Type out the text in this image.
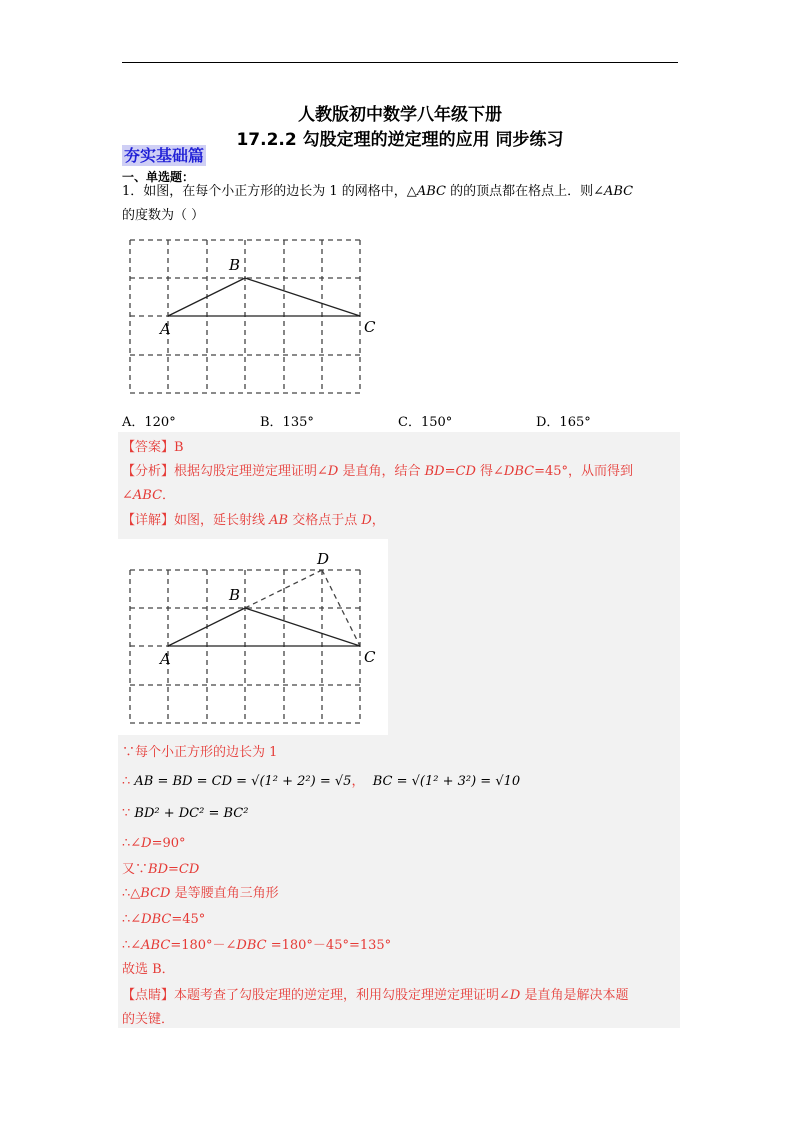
人教版初中数学八年级下册
17.2.2 勾股定理的逆定理的应用 同步练习
夯实基础篇
一、单选题：
1．如图，在每个小正方形的边长为 1 的网格中，△ABC 的的顶点都在格点上．则∠ABC
的度数为（ ）
B
A	C
A．120°	B．135°	C．150°	D．165°
【答案】B
【分析】根据勾股定理逆定理证明∠D 是直角，结合 BD=CD 得∠DBC=45°，从而得到
∠ABC．
【详解】如图，延长射线 AB 交格点于点 D，
B
A	C
D
∵每个小正方形的边长为 1
∴ AB = BD = CD = √(1² + 2²) = √5， BC = √(1² + 3²) = √10
∵ BD² + DC² = BC²
∴∠D=90°
又∵BD=CD
∴△BCD 是等腰直角三角形
∴∠DBC=45°
∴∠ABC=180°－∠DBC =180°－45°=135°
故选 B．
【点睛】本题考查了勾股定理的逆定理，利用勾股定理逆定理证明∠D 是直角是解决本题
的关键．
